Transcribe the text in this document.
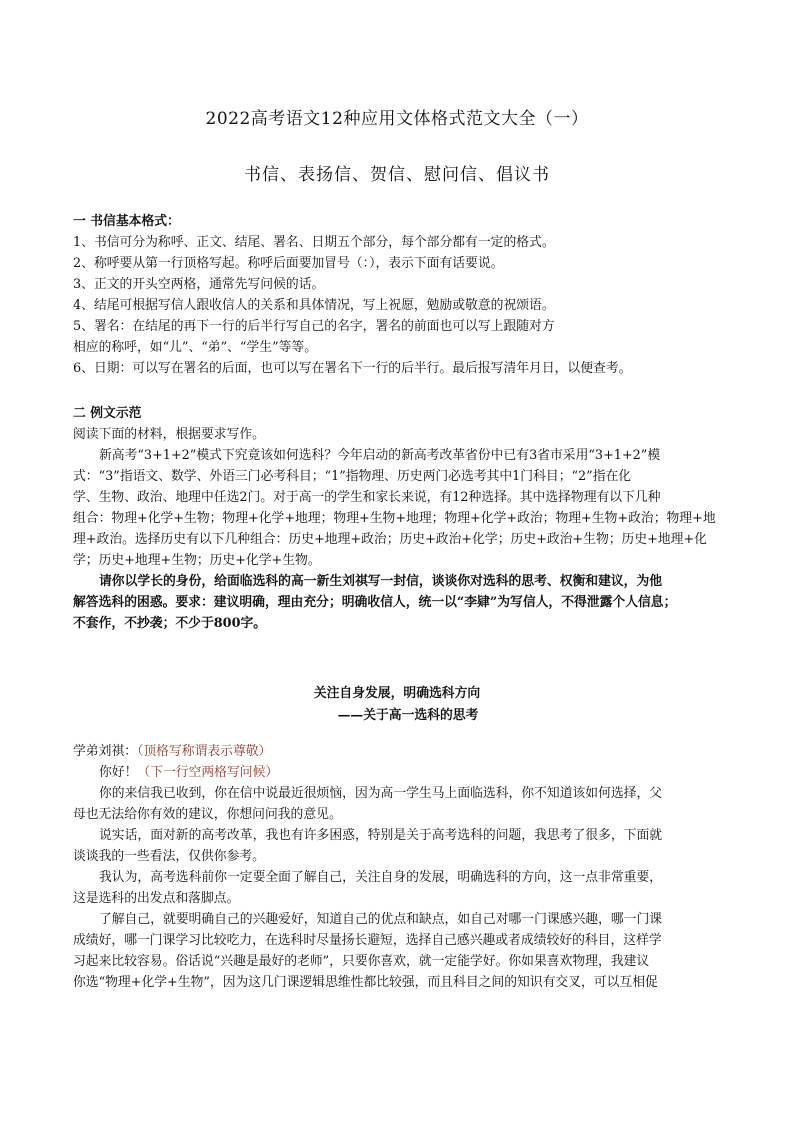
2022高考语文12种应用文体格式范文大全（一）
书信、表扬信、贺信、慰问信、倡议书
一 书信基本格式：
1、书信可分为称呼、正文、结尾、署名、日期五个部分，每个部分都有一定的格式。
2、称呼要从第一行顶格写起。称呼后面要加冒号（：），表示下面有话要说。
3、正文的开头空两格，通常先写问候的话。
4、结尾可根据写信人跟收信人的关系和具体情况，写上祝愿，勉励或敬意的祝颂语。
5、署名：在结尾的再下一行的后半行写自己的名字，署名的前面也可以写上跟随对方
相应的称呼，如“儿”、“弟”、“学生”等等。
6、日期：可以写在署名的后面，也可以写在署名下一行的后半行。最后报写清年月日，以便查考。
二 例文示范
阅读下面的材料，根据要求写作。
新高考“3+1+2”模式下究竟该如何选科？今年启动的新高考改革省份中已有3省市采用“3+1+2”模
式：“3”指语文、数学、外语三门必考科目；“1”指物理、历史两门必选考其中1门科目；“2”指在化
学、生物、政治、地理中任选2门。对于高一的学生和家长来说，有12种选择。其中选择物理有以下几种
组合：物理+化学+生物；物理+化学+地理；物理+生物+地理；物理+化学+政治；物理+生物+政治；物理+地
理+政治。选择历史有以下几种组合：历史+地理+政治；历史+政治+化学；历史+政治+生物；历史+地理+化
学；历史+地理+生物；历史+化学+生物。
请你以学长的身份，给面临选科的高一新生刘祺写一封信，谈谈你对选科的思考、权衡和建议，为他
解答选科的困惑。要求：建议明确，理由充分；明确收信人，统一以“李肄”为写信人，不得泄露个人信息；
不套作，不抄袭；不少于800字。
关注自身发展，明确选科方向
——关于高一选科的思考
学弟刘祺：（顶格写称谓表示尊敬）
你好！（下一行空两格写问候）
你的来信我已收到，你在信中说最近很烦恼，因为高一学生马上面临选科，你不知道该如何选择，父
母也无法给你有效的建议，你想问问我的意见。
说实话，面对新的高考改革，我也有许多困惑，特别是关于高考选科的问题，我思考了很多，下面就
谈谈我的一些看法，仅供你参考。
我认为，高考选科前你一定要全面了解自己，关注自身的发展，明确选科的方向，这一点非常重要，
这是选科的出发点和落脚点。
了解自己，就要明确自己的兴趣爱好，知道自己的优点和缺点，如自己对哪一门课感兴趣，哪一门课
成绩好，哪一门课学习比较吃力，在选科时尽量扬长避短，选择自己感兴趣或者成绩较好的科目，这样学
习起来比较容易。俗话说“兴趣是最好的老师”，只要你喜欢，就一定能学好。你如果喜欢物理，我建议
你选“物理+化学+生物”，因为这几门课逻辑思维性都比较强，而且科目之间的知识有交叉，可以互相促
